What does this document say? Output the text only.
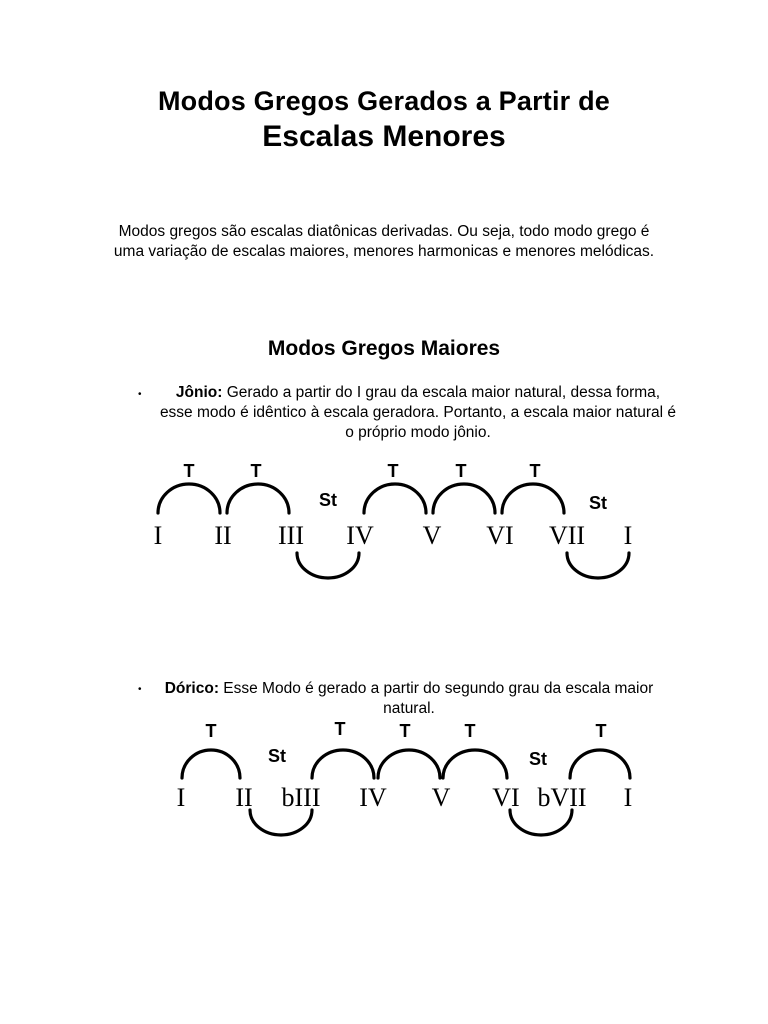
Modos Gregos Gerados a Partir de
Escalas Menores
Modos gregos são escalas diatônicas derivadas. Ou seja, todo modo grego é uma variação de escalas maiores, menores harmonicas e menores melódicas.
Modos Gregos Maiores
•	Jônio: Gerado a partir do I grau da escala maior natural, dessa forma, esse modo é idêntico à escala geradora. Portanto, a escala maior natural é o próprio modo jônio.
I II III IV V VI VII I
T	T
St
T	T	T
St
•	Dórico: Esse Modo é gerado a partir do segundo grau da escala maior natural.
I II bIII IV V VI bVII I
T
St
T	T	T
St
T
